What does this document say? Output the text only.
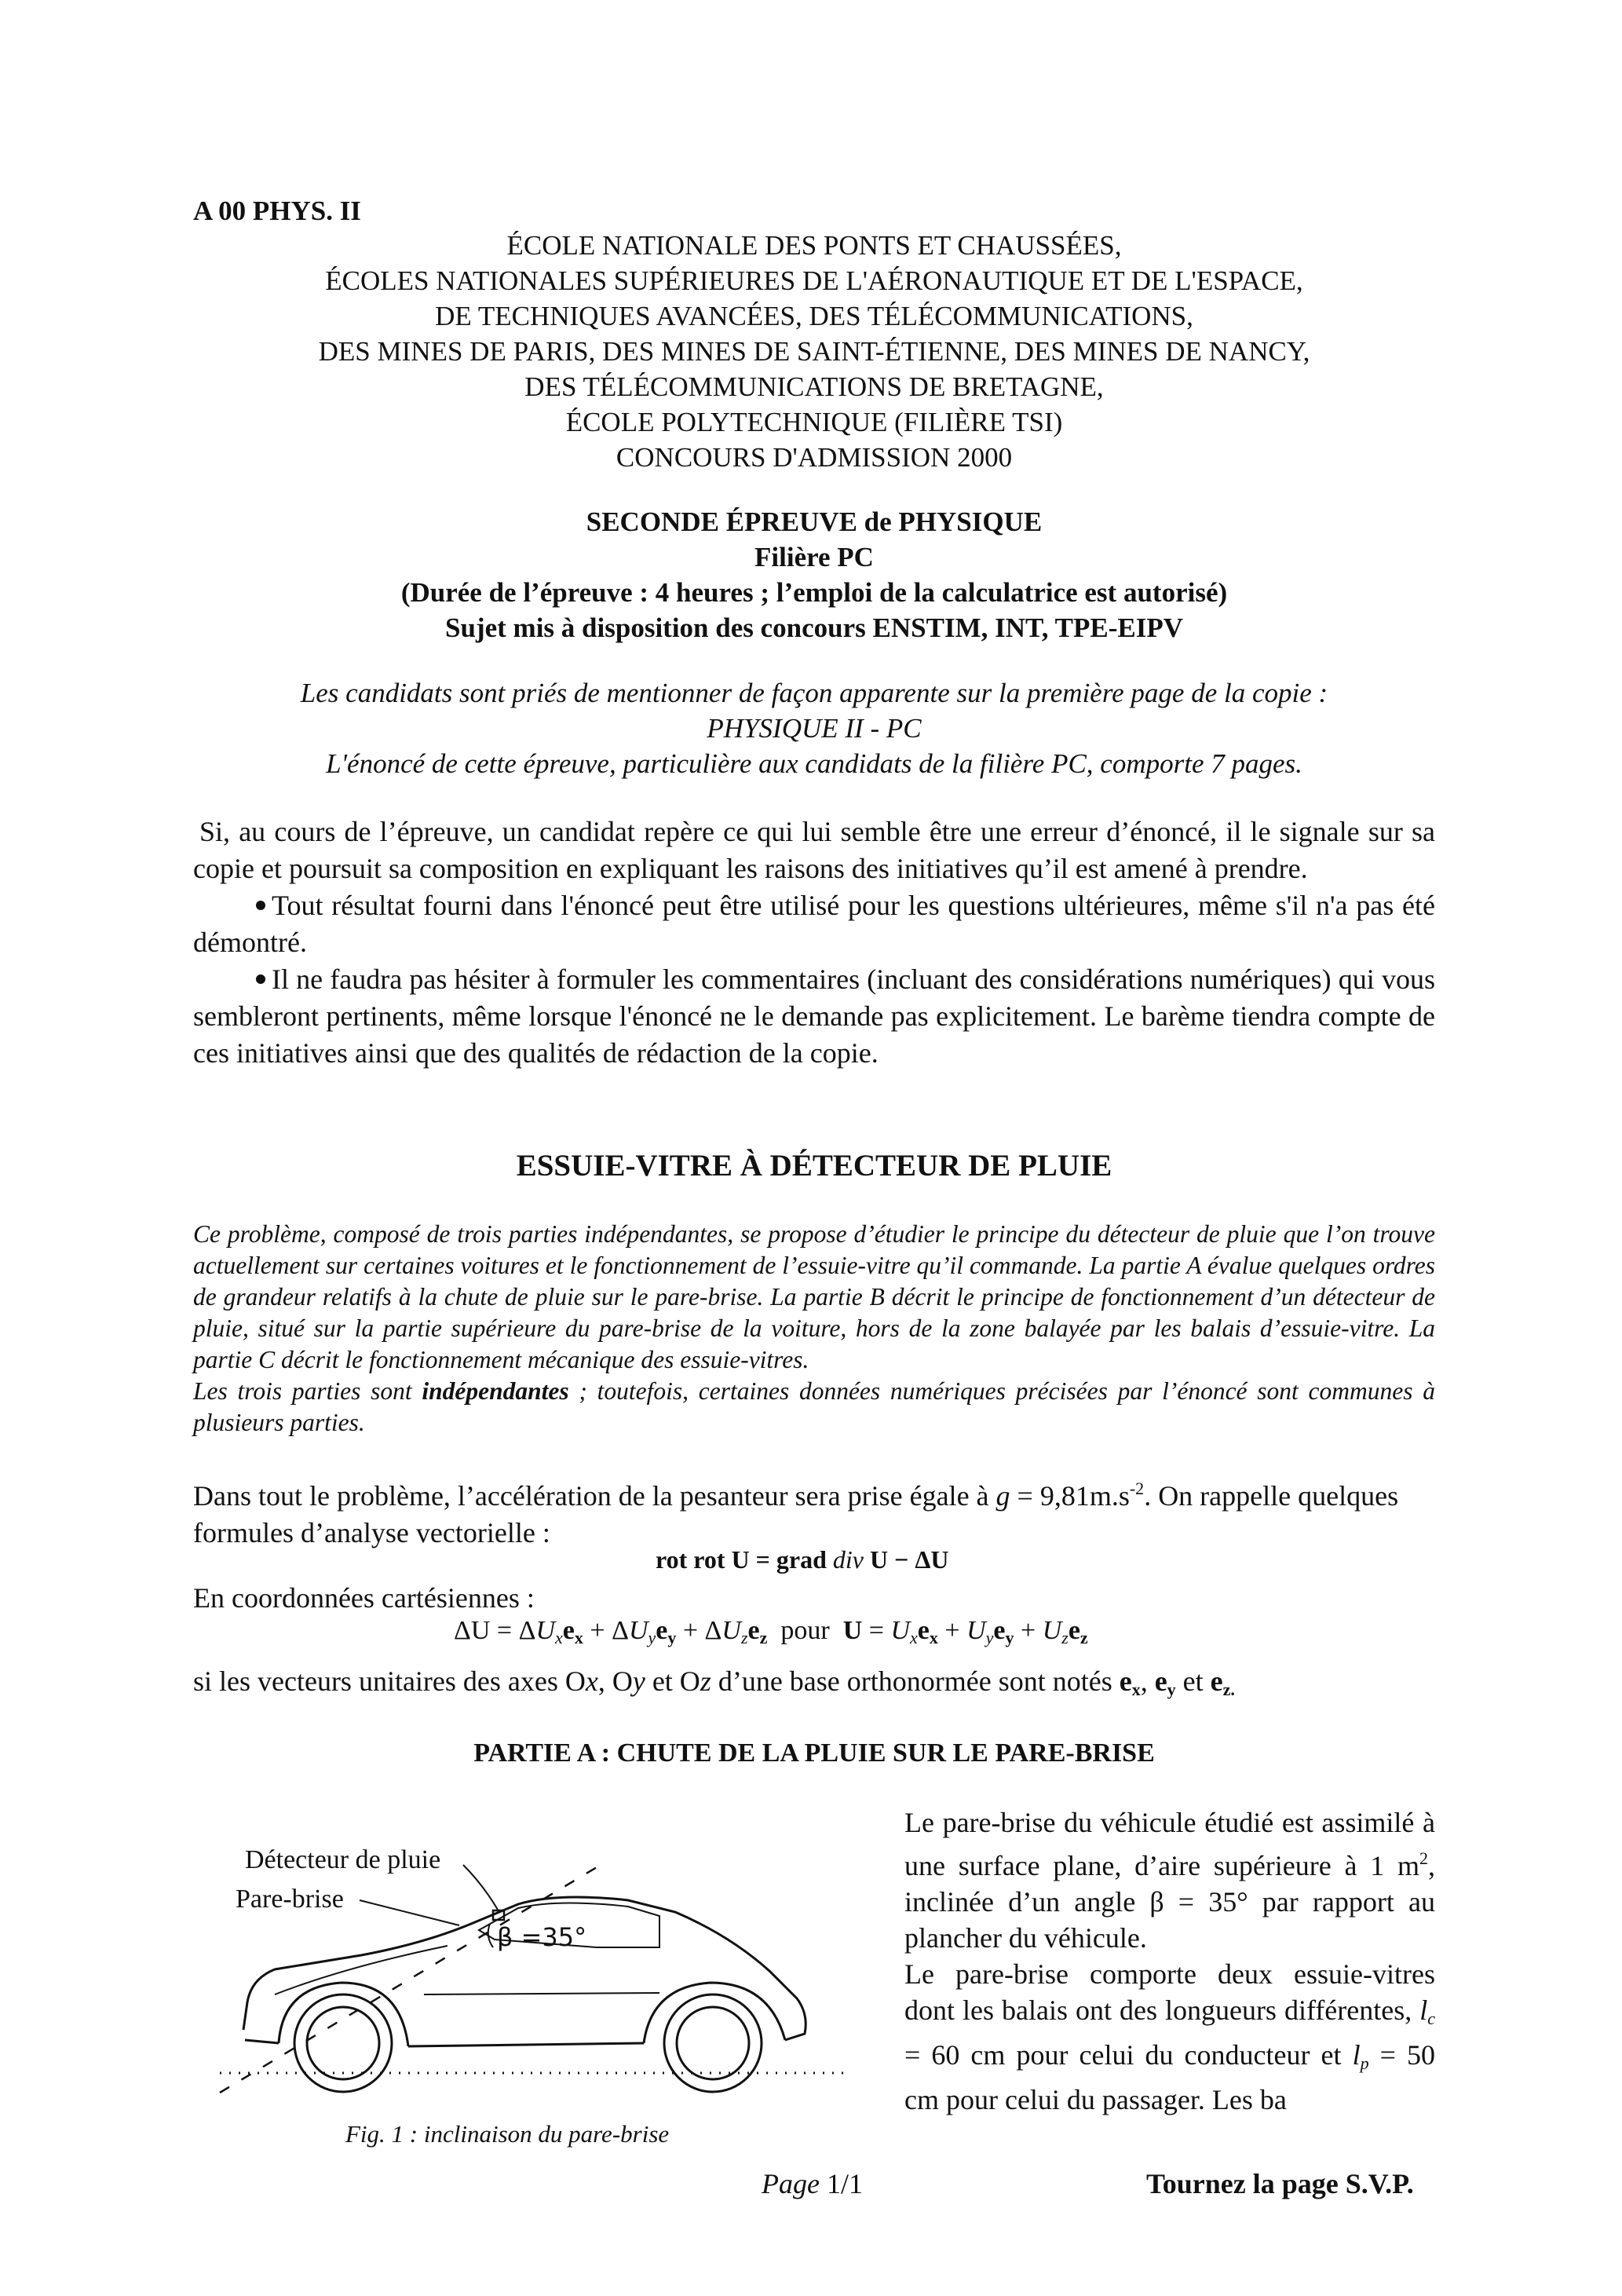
A 00 PHYS. II
ÉCOLE NATIONALE DES PONTS ET CHAUSSÉES,
ÉCOLES NATIONALES SUPÉRIEURES DE L'AÉRONAUTIQUE ET DE L'ESPACE,
DE TECHNIQUES AVANCÉES, DES TÉLÉCOMMUNICATIONS,
DES MINES DE PARIS, DES MINES DE SAINT-ÉTIENNE, DES MINES DE NANCY,
DES TÉLÉCOMMUNICATIONS DE BRETAGNE,
ÉCOLE POLYTECHNIQUE (FILIÈRE TSI)
CONCOURS D'ADMISSION 2000
SECONDE ÉPREUVE de PHYSIQUE
Filière PC
(Durée de l’épreuve : 4 heures ; l’emploi de la calculatrice est autorisé)
Sujet mis à disposition des concours ENSTIM, INT, TPE-EIPV
Les candidats sont priés de mentionner de façon apparente sur la première page de la copie :
PHYSIQUE II - PC
L'énoncé de cette épreuve, particulière aux candidats de la filière PC, comporte 7 pages.

Si, au cours de l’épreuve, un candidat repère ce qui lui semble être une erreur d’énoncé, il le signale sur sa copie et poursuit sa composition en expliquant les raisons des initiatives qu’il est amené à prendre.

Tout résultat fourni dans l'énoncé peut être utilisé pour les questions ultérieures, même s'il n'a pas été démontré.

Il ne faudra pas hésiter à formuler les commentaires (incluant des considérations numériques) qui vous sembleront pertinents, même lorsque l'énoncé ne le demande pas explicitement. Le barème tiendra compte de ces initiatives ainsi que des qualités de rédaction de la copie.

ESSUIE-VITRE À DÉTECTEUR DE PLUIE

Ce problème, composé de trois parties indépendantes, se propose d’étudier le principe du détecteur de pluie que l’on trouve actuellement sur certaines voitures et le fonctionnement de l’essuie-vitre qu’il commande. La partie A évalue quelques ordres de grandeur relatifs à la chute de pluie sur le pare-brise. La partie B décrit le principe de fonctionnement d’un détecteur de pluie, situé sur la partie supérieure du pare-brise de la voiture, hors de la zone balayée par les balais d’essuie-vitre. La partie C décrit le fonctionnement mécanique des essuie-vitres.

Les trois parties sont indépendantes ; toutefois, certaines données numériques précisées par l’énoncé sont communes à plusieurs parties.

Dans tout le problème, l’accélération de la pesanteur sera prise égale à $g = 9,81m.s^{-2}$. On rappelle quelques formules d’analyse vectorielle :
rot rot U = grad div U − ΔU
En coordonnées cartésiennes :
$\Delta U = \Delta U_xe_x + \Delta U_ye_y + \Delta U_ze_z$  pour  $U = U_xe_x + U_ye_y + U_ze_z$
si les vecteurs unitaires des axes Ox, Oy et Oz d’une base orthonormée sont notés $e_x$, $e_y$ et $e_{z.}$
PARTIE A : CHUTE DE LA PLUIE SUR LE PARE-BRISE

Le pare-brise du véhicule étudié est assimilé à une surface plane, d’aire supérieure à 1 $m^2$, inclinée d’un angle β = 35° par rapport au plancher du véhicule.

Le pare-brise comporte deux essuie-vitres dont les balais ont des longueurs différentes, $l_c = 60$ cm pour celui du conducteur et $l_p = 50$ cm pour celui du passager. Les ba

Détecteur de pluie
Pare-brise
β =35°
Fig. 1 : inclinaison du pare-brise
Page 1/1	Tournez la page S.V.P.
